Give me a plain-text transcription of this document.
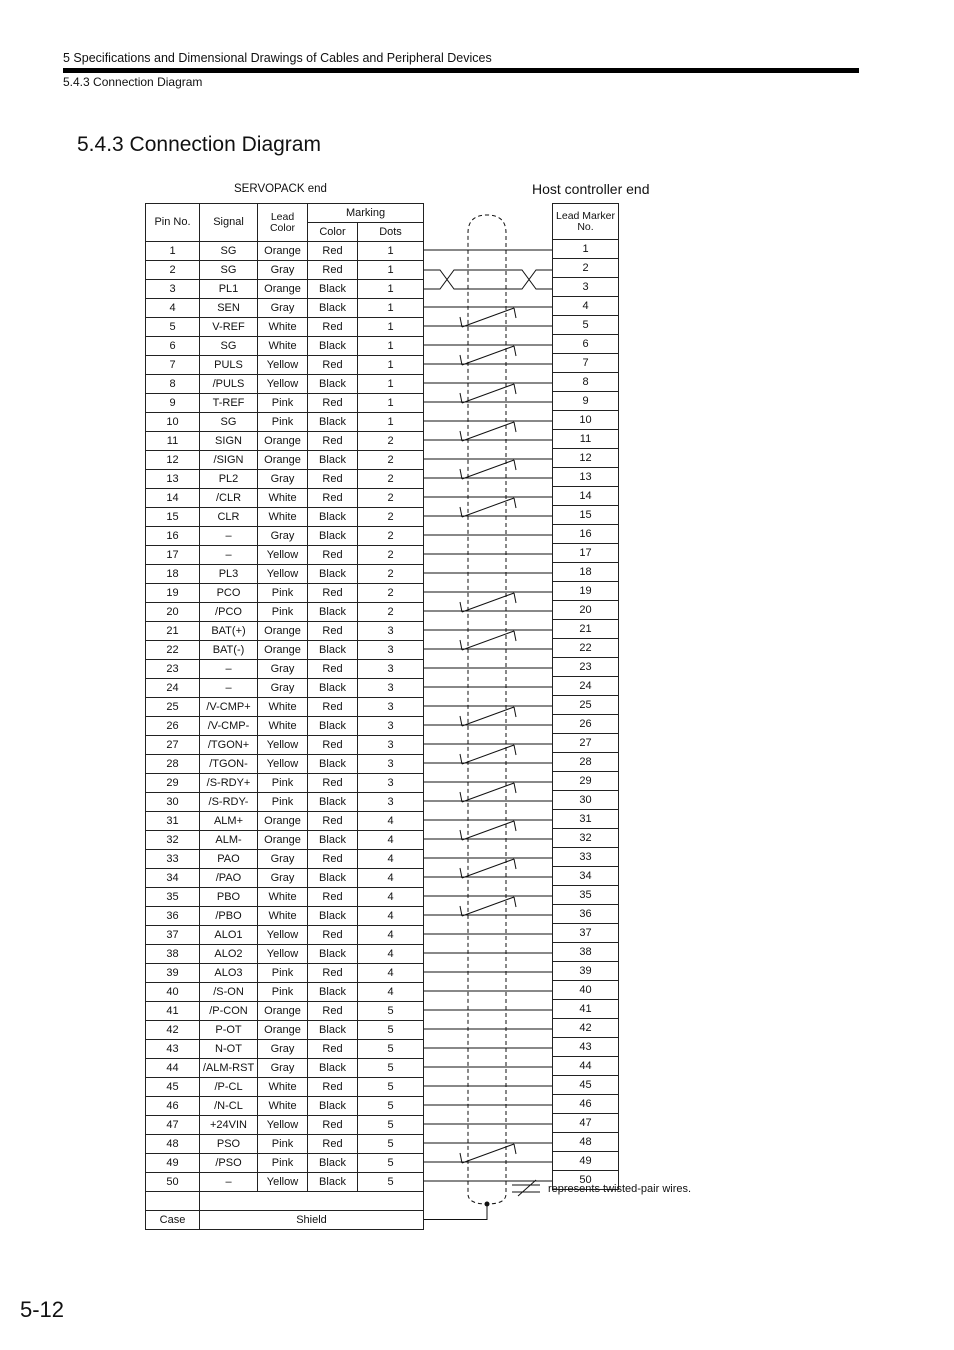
5 Specifications and Dimensional Drawings of Cables and Peripheral Devices
5.4.3 Connection Diagram
5.4.3 Connection Diagram
SERVOPACK end	Host controller end
Pin No.	Signal	Lead Color	Marking	
			Color	Dots
1	SG	Orange	Red	1
2	SG	Gray	Red	1
3	PL1	Orange	Black	1
4	SEN	Gray	Black	1
5	V-REF	White	Red	1
6	SG	White	Black	1
7	PULS	Yellow	Red	1
8	/PULS	Yellow	Black	1
9	T-REF	Pink	Red	1
10	SG	Pink	Black	1
11	SIGN	Orange	Red	2
12	/SIGN	Orange	Black	2
13	PL2	Gray	Red	2
14	/CLR	White	Red	2
15	CLR	White	Black	2
16	–	Gray	Black	2
17	–	Yellow	Red	2
18	PL3	Yellow	Black	2
19	PCO	Pink	Red	2
20	/PCO	Pink	Black	2
21	BAT(+)	Orange	Red	3
22	BAT(-)	Orange	Black	3
23	–	Gray	Red	3
24	–	Gray	Black	3
25	/V-CMP+	White	Red	3
26	/V-CMP-	White	Black	3
27	/TGON+	Yellow	Red	3
28	/TGON-	Yellow	Black	3
29	/S-RDY+	Pink	Red	3
30	/S-RDY-	Pink	Black	3
31	ALM+	Orange	Red	4
32	ALM-	Orange	Black	4
33	PAO	Gray	Red	4
34	/PAO	Gray	Black	4
35	PBO	White	Red	4
36	/PBO	White	Black	4
37	ALO1	Yellow	Red	4
38	ALO2	Yellow	Black	4
39	ALO3	Pink	Red	4
40	/S-ON	Pink	Black	4
41	/P-CON	Orange	Red	5
42	P-OT	Orange	Black	5
43	N-OT	Gray	Red	5
44	/ALM-RST	Gray	Black	5
45	/P-CL	White	Red	5
46	/N-CL	White	Black	5
47	+24VIN	Yellow	Red	5
48	PSO	Pink	Red	5
49	/PSO	Pink	Black	5
50	–	Yellow	Black	5

Case	Shield			
Lead Marker No.
1
2
3
4
5
6
7
8
9
10
11
12
13
14
15
16
17
18
19
20
21
22
23
24
25
26
27
28
29
30
31
32
33
34
35
36
37
38
39
40
41
42
43
44
45
46
47
48
49
50
represents twisted-pair wires.
5-12
